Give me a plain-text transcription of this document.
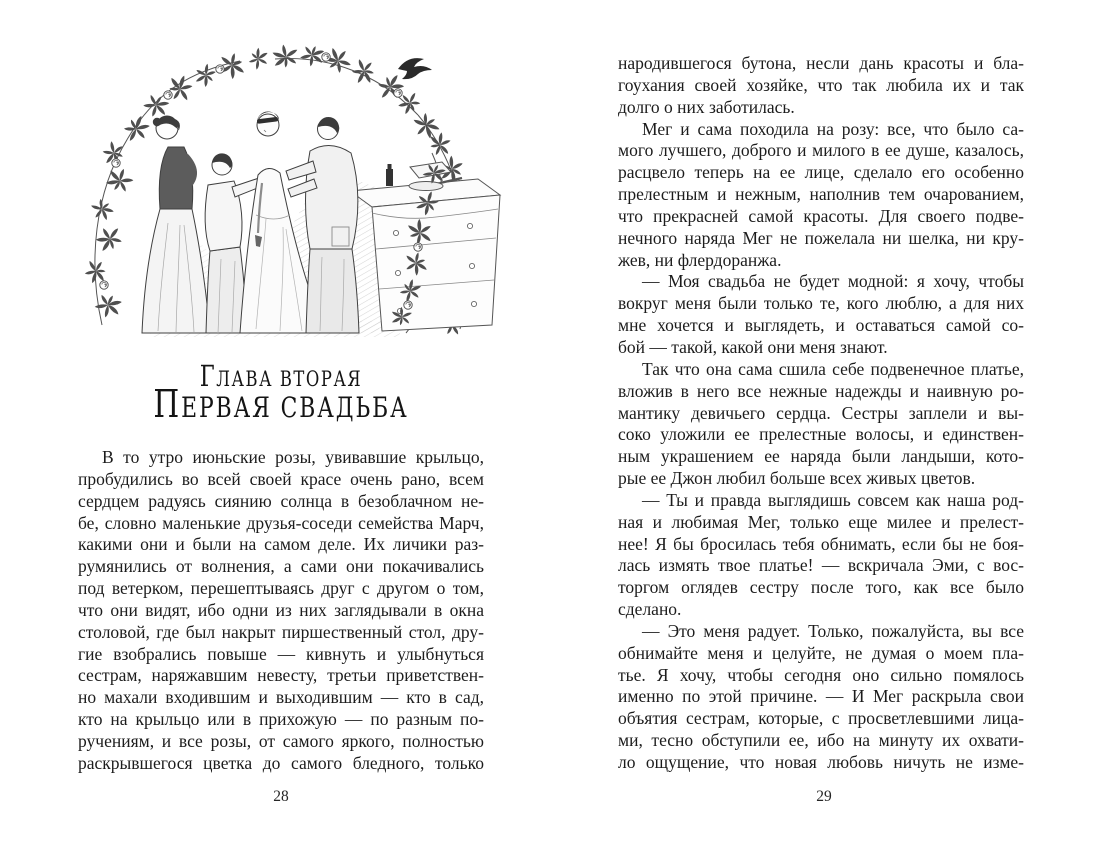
ГЛАВА ВТОРАЯ
ПЕРВАЯ СВАДЬБА
В то утро июньские розы, увивавшие крыльцо,
пробудились во всей своей красе очень рано, всем
сердцем радуясь сиянию солнца в безоблачном не-
бе, словно маленькие друзья-соседи семейства Марч,
какими они и были на самом деле. Их личики раз-
румянились от волнения, а сами они покачивались
под ветерком, перешептываясь друг с другом о том,
что они видят, ибо одни из них заглядывали в окна
столовой, где был накрыт пиршественный стол, дру-
гие взобрались повыше — кивнуть и улыбнуться
сестрам, наряжавшим невесту, третьи приветствен-
но махали входившим и выходившим — кто в сад,
кто на крыльцо или в прихожую — по разным по-
ручениям, и все розы, от самого яркого, полностью
раскрывшегося цветка до самого бледного, только
28
народившегося бутона, несли дань красоты и бла-
гоухания своей хозяйке, что так любила их и так
долго о них заботилась.
Мег и сама походила на розу: все, что было са-
мого лучшего, доброго и милого в ее душе, казалось,
расцвело теперь на ее лице, сделало его особенно
прелестным и нежным, наполнив тем очарованием,
что прекрасней самой красоты. Для своего подве-
нечного наряда Мег не пожелала ни шелка, ни кру-
жев, ни флердоранжа.
— Моя свадьба не будет модной: я хочу, чтобы
вокруг меня были только те, кого люблю, а для них
мне хочется и выглядеть, и оставаться самой со-
бой — такой, какой они меня знают.
Так что она сама сшила себе подвенечное платье,
вложив в него все нежные надежды и наивную ро-
мантику девичьего сердца. Сестры заплели и вы-
соко уложили ее прелестные волосы, и единствен-
ным украшением ее наряда были ландыши, кото-
рые ее Джон любил больше всех живых цветов.
— Ты и правда выглядишь совсем как наша род-
ная и любимая Мег, только еще милее и прелест-
нее! Я бы бросилась тебя обнимать, если бы не боя-
лась измять твое платье! — вскричала Эми, с вос-
торгом оглядев сестру после того, как все было
сделано.
— Это меня радует. Только, пожалуйста, вы все
обнимайте меня и целуйте, не думая о моем пла-
тье. Я хочу, чтобы сегодня оно сильно помялось
именно по этой причине. — И Мег раскрыла свои
объятия сестрам, которые, с просветлевшими лица-
ми, тесно обступили ее, ибо на минуту их охвати-
ло ощущение, что новая любовь ничуть не изме-
29
